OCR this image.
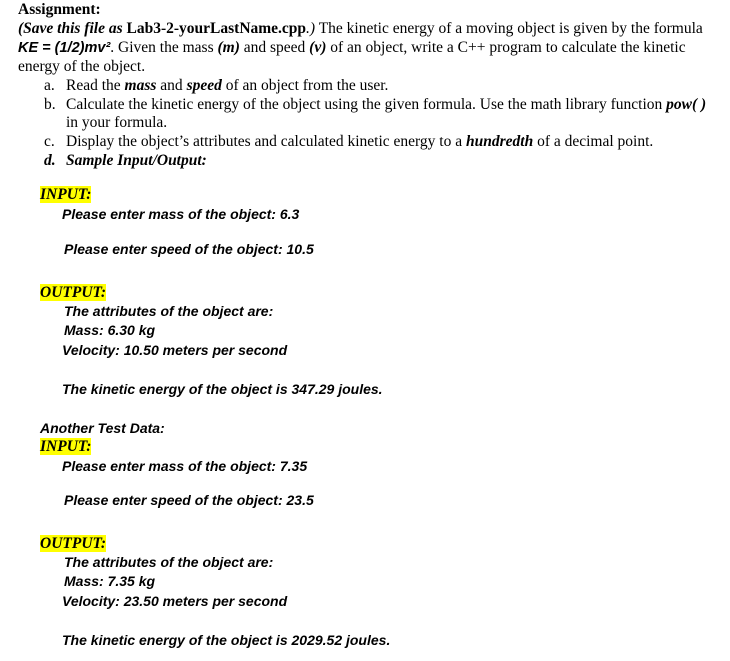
Assignment:
(Save this file as Lab3-2-yourLastName.cpp.) The kinetic energy of a moving object is given by the formula
KE = (1/2)mv². Given the mass (m) and speed (v) of an object, write a C++ program to calculate the kinetic
energy of the object.
a. Read the mass and speed of an object from the user.
b. Calculate the kinetic energy of the object using the given formula. Use the math library function pow( )
in your formula.
c. Display the object’s attributes and calculated kinetic energy to a hundredth of a decimal point.
d. Sample Input/Output:
INPUT:
Please enter mass of the object: 6.3
Please enter speed of the object: 10.5
OUTPUT:
The attributes of the object are:
Mass: 6.30 kg
Velocity: 10.50 meters per second
The kinetic energy of the object is 347.29 joules.
Another Test Data:
INPUT:
Please enter mass of the object: 7.35
Please enter speed of the object: 23.5
OUTPUT:
The attributes of the object are:
Mass: 7.35 kg
Velocity: 23.50 meters per second
The kinetic energy of the object is 2029.52 joules.
